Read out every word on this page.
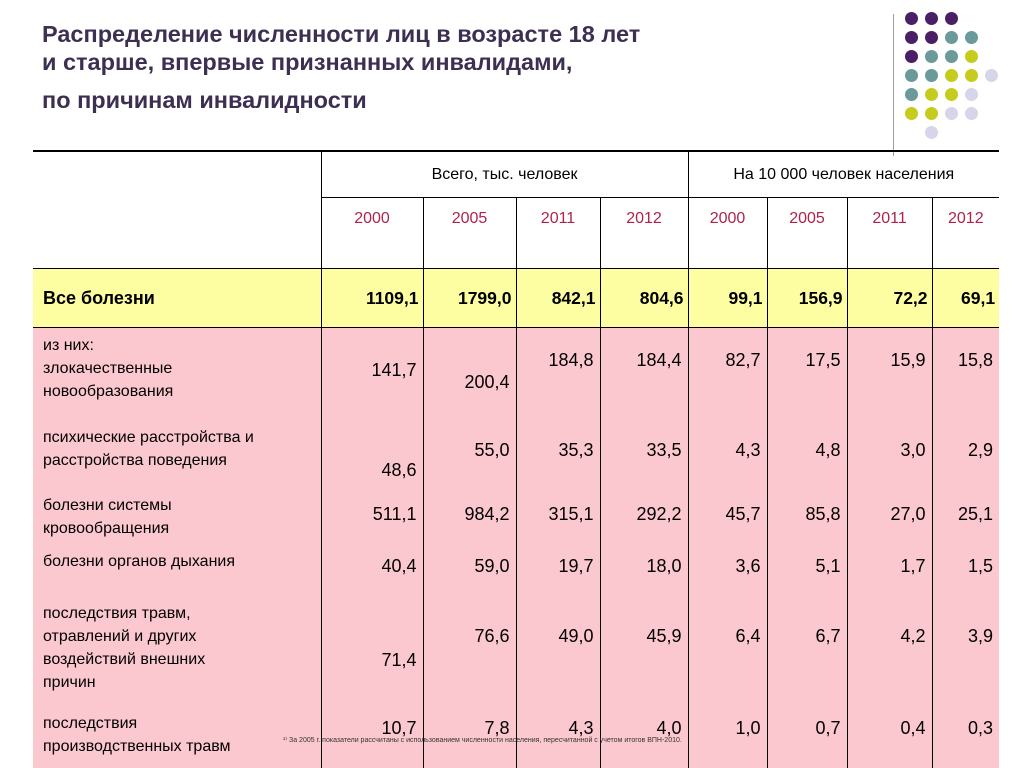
Распределение численности лиц в возрасте 18 лет
и старше, впервые признанных инвалидами,
по причинам инвалидности
	Всего, тыс. человек				На 10 000 человек населения			
	2000	2005	2011	2012	2000	2005	2011	2012
Все болезни	1109,1	1799,0	842,1	804,6	99,1	156,9	72,2	69,1

из них:
злокачественные
новообразования	141,7	200,4	184,8	184,4	82,7	17,5	15,9	15,8

психические расстройства и
расстройства поведения	48,6	55,0	35,3	33,5	4,3	4,8	3,0	2,9

болезни системы
кровообращения	511,1	984,2	315,1	292,2	45,7	85,8	27,0	25,1

болезни органов дыхания	40,4	59,0	19,7	18,0	3,6	5,1	1,7	1,5

последствия травм,
отравлений и других
воздействий внешних
причин	71,4	76,6	49,0	45,9	6,4	6,7	4,2	3,9

последствия
производственных травм	10,7	7,8	4,3	4,0	1,0	0,7	0,4	0,3
¹⁾ За 2005 г. показатели рассчитаны с использованием численности населения, пересчитанной с учетом итогов ВПН-2010.
